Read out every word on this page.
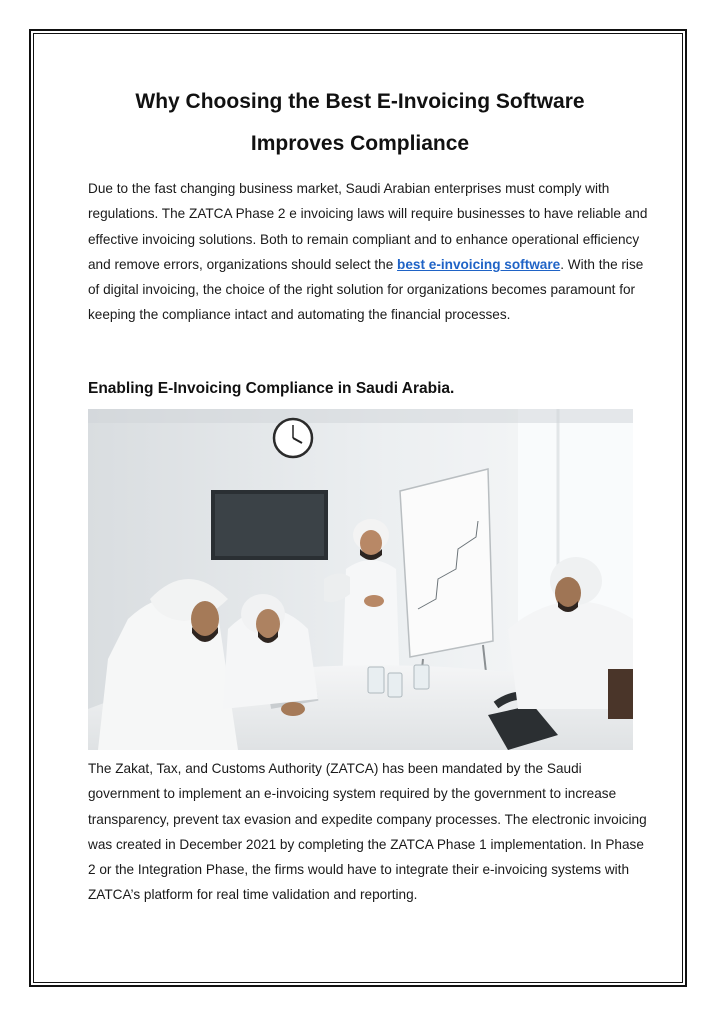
Why Choosing the Best E-Invoicing Software
Improves Compliance

Due to the fast changing business market, Saudi Arabian enterprises must comply with regulations. The ZATCA Phase 2 e invoicing laws will require businesses to have reliable and effective invoicing solutions. Both to remain compliant and to enhance operational efficiency and remove errors, organizations should select the best e-invoicing software. With the rise of digital invoicing, the choice of the right solution for organizations becomes paramount for keeping the compliance intact and automating the financial processes.

Enabling E-Invoicing Compliance in Saudi Arabia.

The Zakat, Tax, and Customs Authority (ZATCA) has been mandated by the Saudi government to implement an e-invoicing system required by the government to increase transparency, prevent tax evasion and expedite company processes. The electronic invoicing was created in December 2021 by completing the ZATCA Phase 1 implementation. In Phase 2 or the Integration Phase, the firms would have to integrate their e-invoicing systems with ZATCA’s platform for real time validation and reporting.
